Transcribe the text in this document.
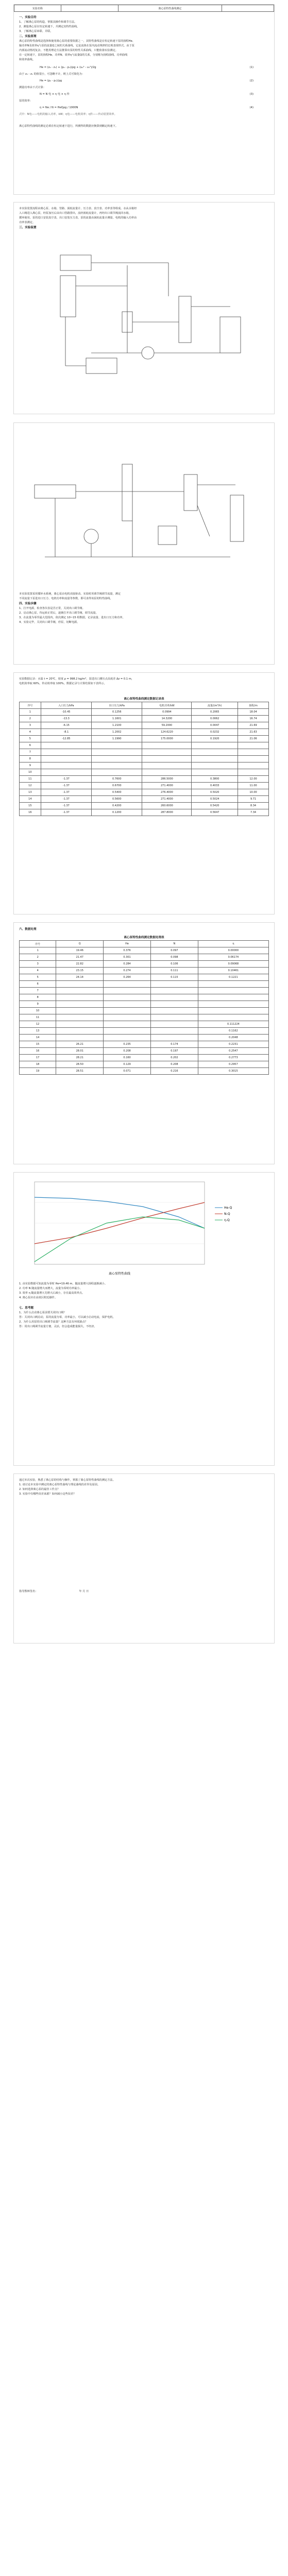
实验名称		离心泵特性曲线测定	

一、实验目的

1、了解离心泵的构造，掌握其操作和调节方法。

2、测量离心泵在恒定转速下，并测定其特性曲线。

3、了解离心泵串联、并联。

二、实验原理

离心泵的特性曲线是选择和使用离心泵的重要依据之一，其特性曲线是在恒定转速下泵的扬程He、

轴功率N及效率η与泵的流量Q之间的关系曲线，它是流体在泵内流动规律的宏观表现形式。由于泵

内部流动情况复杂，不能用理论方法推算出泵的特性关系曲线，只能依靠实验测定。

在一定转速下，泵的扬程He、功率N、效率η与流量Q的关系，分别称为扬程曲线、功率曲线

和效率曲线。

He = (z₂ - z₁) + (p₂ - p₁)/ρg + (u₂² - u₁²)/2g	(1)

由于 z₂ - z₁ 的值很小，可忽略不计，则上式可简化为：

He = (p₂ - p₁)/ρg	(2)

测量功率由下式计算：

N = N 电 × η 电 × η 传	(3)

泵的效率：

η = Ne / N = HeQρg / 1000N	(4)

式中：N电——电机的输入功率，kW；η电——电机效率；η传——传动装置效率。

离心泵特性曲线的测定必须在恒定转速下进行，所测得的数据应换算到额定转速下。

本实验装置流程由离心泵、水箱、管路、涡轮流量计、压力表、真空表、功率表等组成。水从水箱经

入口阀进入离心泵，经泵加压后由出口管路排出，流经涡轮流量计，再经出口调节阀流回水箱，

循环使用。泵的进口安装真空表，出口安装压力表，泵的流量由涡轮流量计测量。电机的输入功率由

功率表测定。

三、实验装置

本实验装置采用循环水系统，离心泵由电机直接驱动。实验时用调节阀调节流量，测定

不同流量下泵进出口压力、电机功率和流量等参数，即可求得该泵的特性曲线。

四、实验步骤

1、打开电源，检查各仪表是否正常，关闭出口调节阀。

2、启动离心泵，待运转正常后，逐渐打开出口调节阀，调节流量。

3、在流量为零至最大范围内，依次测定 10~15 组数据，记录流量、进出口压力和功率。

4、实验完毕，关闭出口调节阀，停泵，切断电源。

实验数据记录：水温 t = 20℃，密度 ρ = 998.2 kg/m³，泵进出口测压点高度差 Δz = 0.1 m，

电机效率取 60%，传动效率取 100%。数据记录与计算结果如下表所示。

离心泵特性曲线测定数据记录表

序号	入口压力/kPa	出口压力/kPa	电机功率/kW	流量/(m³/h)	扬程/m
1	-10.45	0.1256	0.0994	0.2065	18.04
2	-13.3	1.1601	14.3200	0.0062	16.74
3	-6.15	1.2100	59.2000	0.0047	21.69
4	-8.1	1.2002	124.6220	0.0232	21.63
5	-12.85	1.1990	175.0000	0.1920	21.06
6					
7					
8					
9					
10					
11	-1.37	0.7600	286.5000	0.3800	12.00
12	-1.37	0.6700	271.4000	0.4033	11.00
13	-1.37	0.5400	276.4000	0.5020	10.00
14	-1.37	0.5600	271.4000	0.5024	9.71
15	-1.37	0.4200	260.6000	0.5420	8.34
16	-1.37	0.1200	287.8000	0.5647	7.34

六、数据处理

离心泵特性曲线测定数据处理表

序号	Q	He	N	η
1	19.46	0.376	0.097	0.00000
2	21.47	0.301	0.098	0.06174
3	22.82	0.284	0.106	0.09068
4	23.15	0.274	0.111	0.10461
5	24.14	0.264	0.115	0.1221
6				
7				
8				
9				
10				
11				
12				0.111224
13				0.1162
14				0.2048
15	26.21	0.235	0.174	0.2231
16	28.01	0.208	0.197	0.2547
17	28.21	0.160	0.202	0.2773
18	28.50	0.129	0.208	0.2957
19	28.51	0.071	0.216	0.3015
He-Q
N-Q
η-Q
离心泵特性曲线

1. 由实验数据可知流量为零时 He=19.46 m，随流量增大扬程逐渐减小。

2. 功率 N 随流量增大而增大，流量为零时功率最小。

3. 效率 η 随流量增大先增大后减小，存在最高效率点。

4. 离心泵应在高效区附近操作。

七、思考题

1、为什么启动离心泵前要关闭出口阀？

答：关闭出口阀启动，泵的流量为零，功率最小，可以减小启动电流，保护电机。

2、为什么用泵的出口阀调节流量？这种方法有何优缺点？

答：用出口阀调节流量方便、灵活，但会造成能量损失，不经济。

通过本次实验，熟悉了离心泵的结构与操作，掌握了离心泵特性曲线的测定方法。

1. 请讨论本实验中测定的离心泵特性曲线与理论曲线的差异及原因。

2. 如何选择离心泵的最佳工作点？

3. 实验中有哪些误差来源？如何减小这些误差？

指导教师签名：	年 月 日
